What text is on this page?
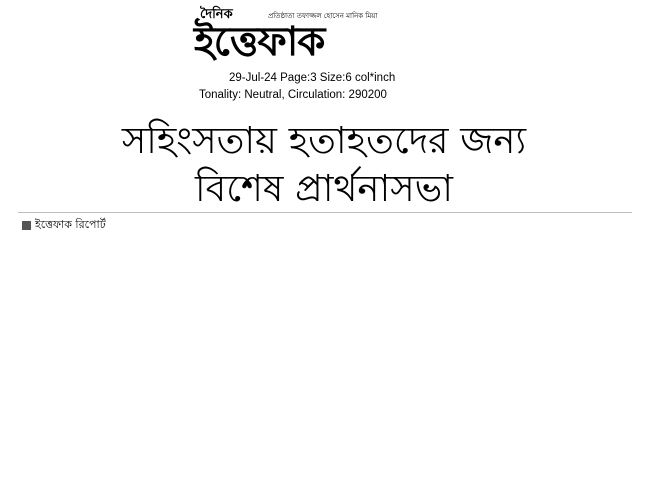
দৈনিক	প্রতিষ্ঠাতা তফাজ্জল হোসেন মানিক মিয়া
ইত্তেফাক
29-Jul-24 Page:3 Size:6 col*inch
Tonality: Neutral, Circulation: 290200
সহিংসতায় হতাহতদের জন্য
বিশেষ প্রার্থনাসভা
ইত্তেফাক রিপোর্ট
